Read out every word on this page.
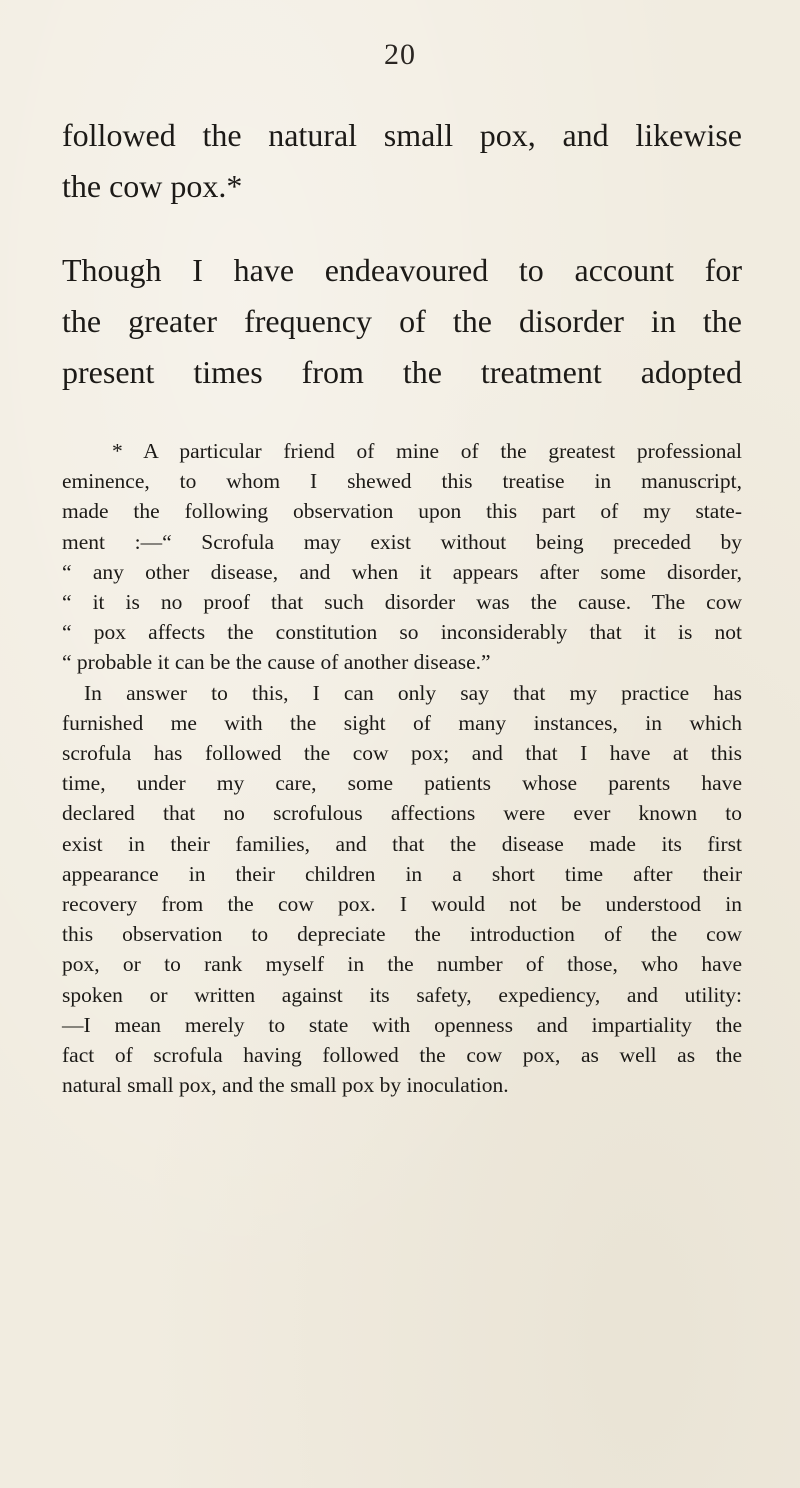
20
followed the natural small pox, and likewise
the cow pox.*
Though I have endeavoured to account for
the greater frequency of the disorder in the
present times from the treatment adopted
* A particular friend of mine of the greatest professional
eminence, to whom I shewed this treatise in manuscript,
made the following observation upon this part of my state-
ment :—“ Scrofula may exist without being preceded by
“ any other disease, and when it appears after some disorder,
“ it is no proof that such disorder was the cause. The cow
“ pox affects the constitution so inconsiderably that it is not
“ probable it can be the cause of another disease.”
In answer to this, I can only say that my practice has
furnished me with the sight of many instances, in which
scrofula has followed the cow pox; and that I have at this
time, under my care, some patients whose parents have
declared that no scrofulous affections were ever known to
exist in their families, and that the disease made its first
appearance in their children in a short time after their
recovery from the cow pox. I would not be understood in
this observation to depreciate the introduction of the cow
pox, or to rank myself in the number of those, who have
spoken or written against its safety, expediency, and utility:
—I mean merely to state with openness and impartiality the
fact of scrofula having followed the cow pox, as well as the
natural small pox, and the small pox by inoculation.
